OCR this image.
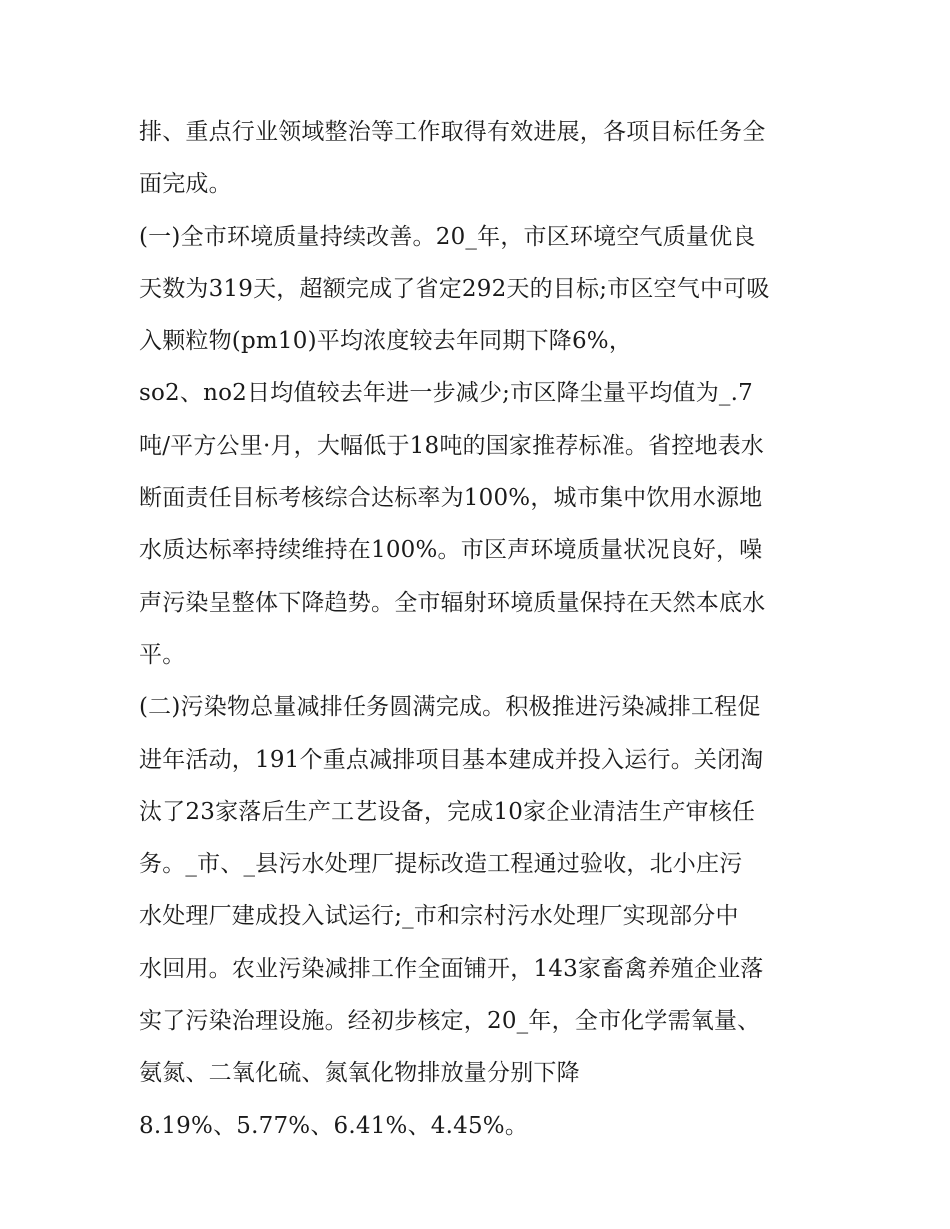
排、重点行业领域整治等工作取得有效进展，各项目标任务全
面完成。
(一)全市环境质量持续改善。20_年，市区环境空气质量优良
天数为319天，超额完成了省定292天的目标;市区空气中可吸
入颗粒物(pm10)平均浓度较去年同期下降6%，
so2、no2日均值较去年进一步减少;市区降尘量平均值为_.7
吨/平方公里·月，大幅低于18吨的国家推荐标准。省控地表水
断面责任目标考核综合达标率为100%，城市集中饮用水源地
水质达标率持续维持在100%。市区声环境质量状况良好，噪
声污染呈整体下降趋势。全市辐射环境质量保持在天然本底水
平。
(二)污染物总量减排任务圆满完成。积极推进污染减排工程促
进年活动，191个重点减排项目基本建成并投入运行。关闭淘
汰了23家落后生产工艺设备，完成10家企业清洁生产审核任
务。_市、_县污水处理厂提标改造工程通过验收，北小庄污
水处理厂建成投入试运行;_市和宗村污水处理厂实现部分中
水回用。农业污染减排工作全面铺开，143家畜禽养殖企业落
实了污染治理设施。经初步核定，20_年，全市化学需氧量、
氨氮、二氧化硫、氮氧化物排放量分别下降
8.19%、5.77%、6.41%、4.45%。
